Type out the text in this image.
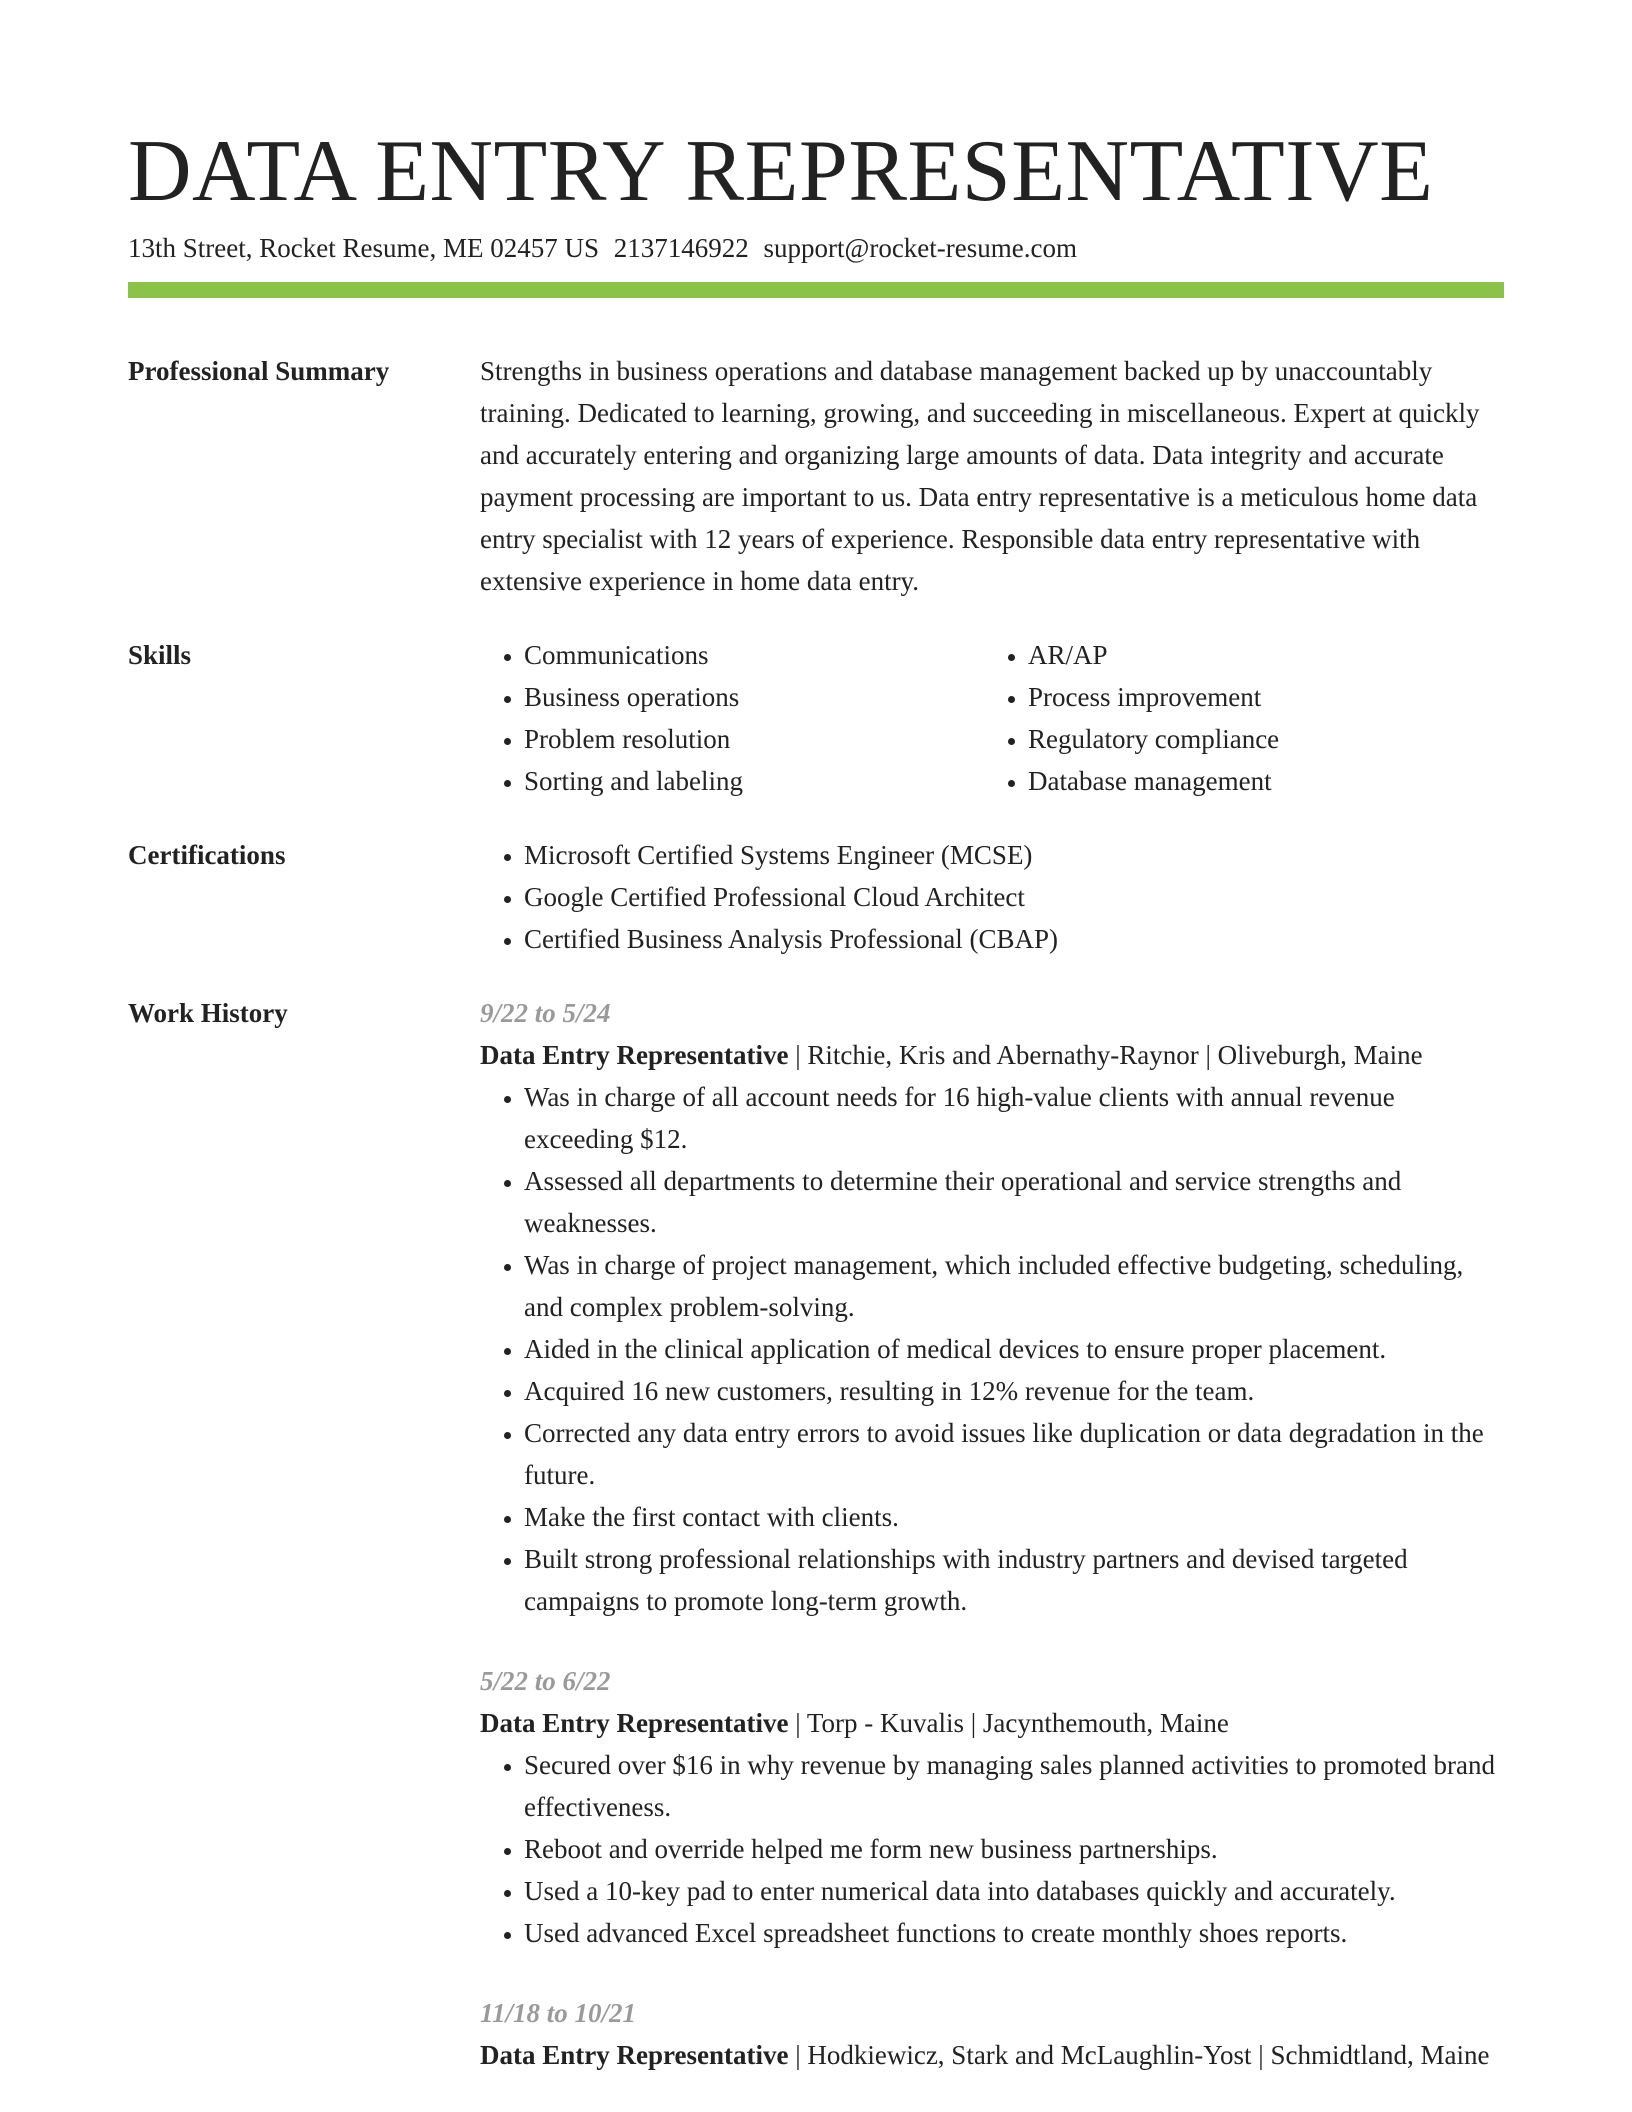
DATA ENTRY REPRESENTATIVE
13th Street, Rocket Resume, ME 02457 US 2137146922 support@rocket-resume.com
Professional Summary	Strengths in business operations and database management backed up by unaccountably training. Dedicated to learning, growing, and succeeding in miscellaneous. Expert at quickly and accurately entering and organizing large amounts of data. Data integrity and accurate payment processing are important to us. Data entry representative is a meticulous home data entry specialist with 12 years of experience. Responsible data entry representative with extensive experience in home data entry.

Skills	• Communications
• Business operations
• Problem resolution
• Sorting and labeling
• AR/AP
• Process improvement
• Regulatory compliance
• Database management
Certifications	• Microsoft Certified Systems Engineer (MCSE)
• Google Certified Professional Cloud Architect
• Certified Business Analysis Professional (CBAP)
Work History	9/22 to 5/24
Data Entry Representative | Ritchie, Kris and Abernathy-Raynor | Oliveburgh, Maine
• Was in charge of all account needs for 16 high-value clients with annual revenue exceeding $12.
• Assessed all departments to determine their operational and service strengths and weaknesses.
• Was in charge of project management, which included effective budgeting, scheduling, and complex problem-solving.
• Aided in the clinical application of medical devices to ensure proper placement.
• Acquired 16 new customers, resulting in 12% revenue for the team.
• Corrected any data entry errors to avoid issues like duplication or data degradation in the future.
• Make the first contact with clients.
• Built strong professional relationships with industry partners and devised targeted campaigns to promote long-term growth.
5/22 to 6/22
Data Entry Representative | Torp - Kuvalis | Jacynthemouth, Maine
• Secured over $16 in why revenue by managing sales planned activities to promoted brand effectiveness.
• Reboot and override helped me form new business partnerships.
• Used a 10-key pad to enter numerical data into databases quickly and accurately.
• Used advanced Excel spreadsheet functions to create monthly shoes reports.
11/18 to 10/21
Data Entry Representative | Hodkiewicz, Stark and McLaughlin-Yost | Schmidtland, Maine
